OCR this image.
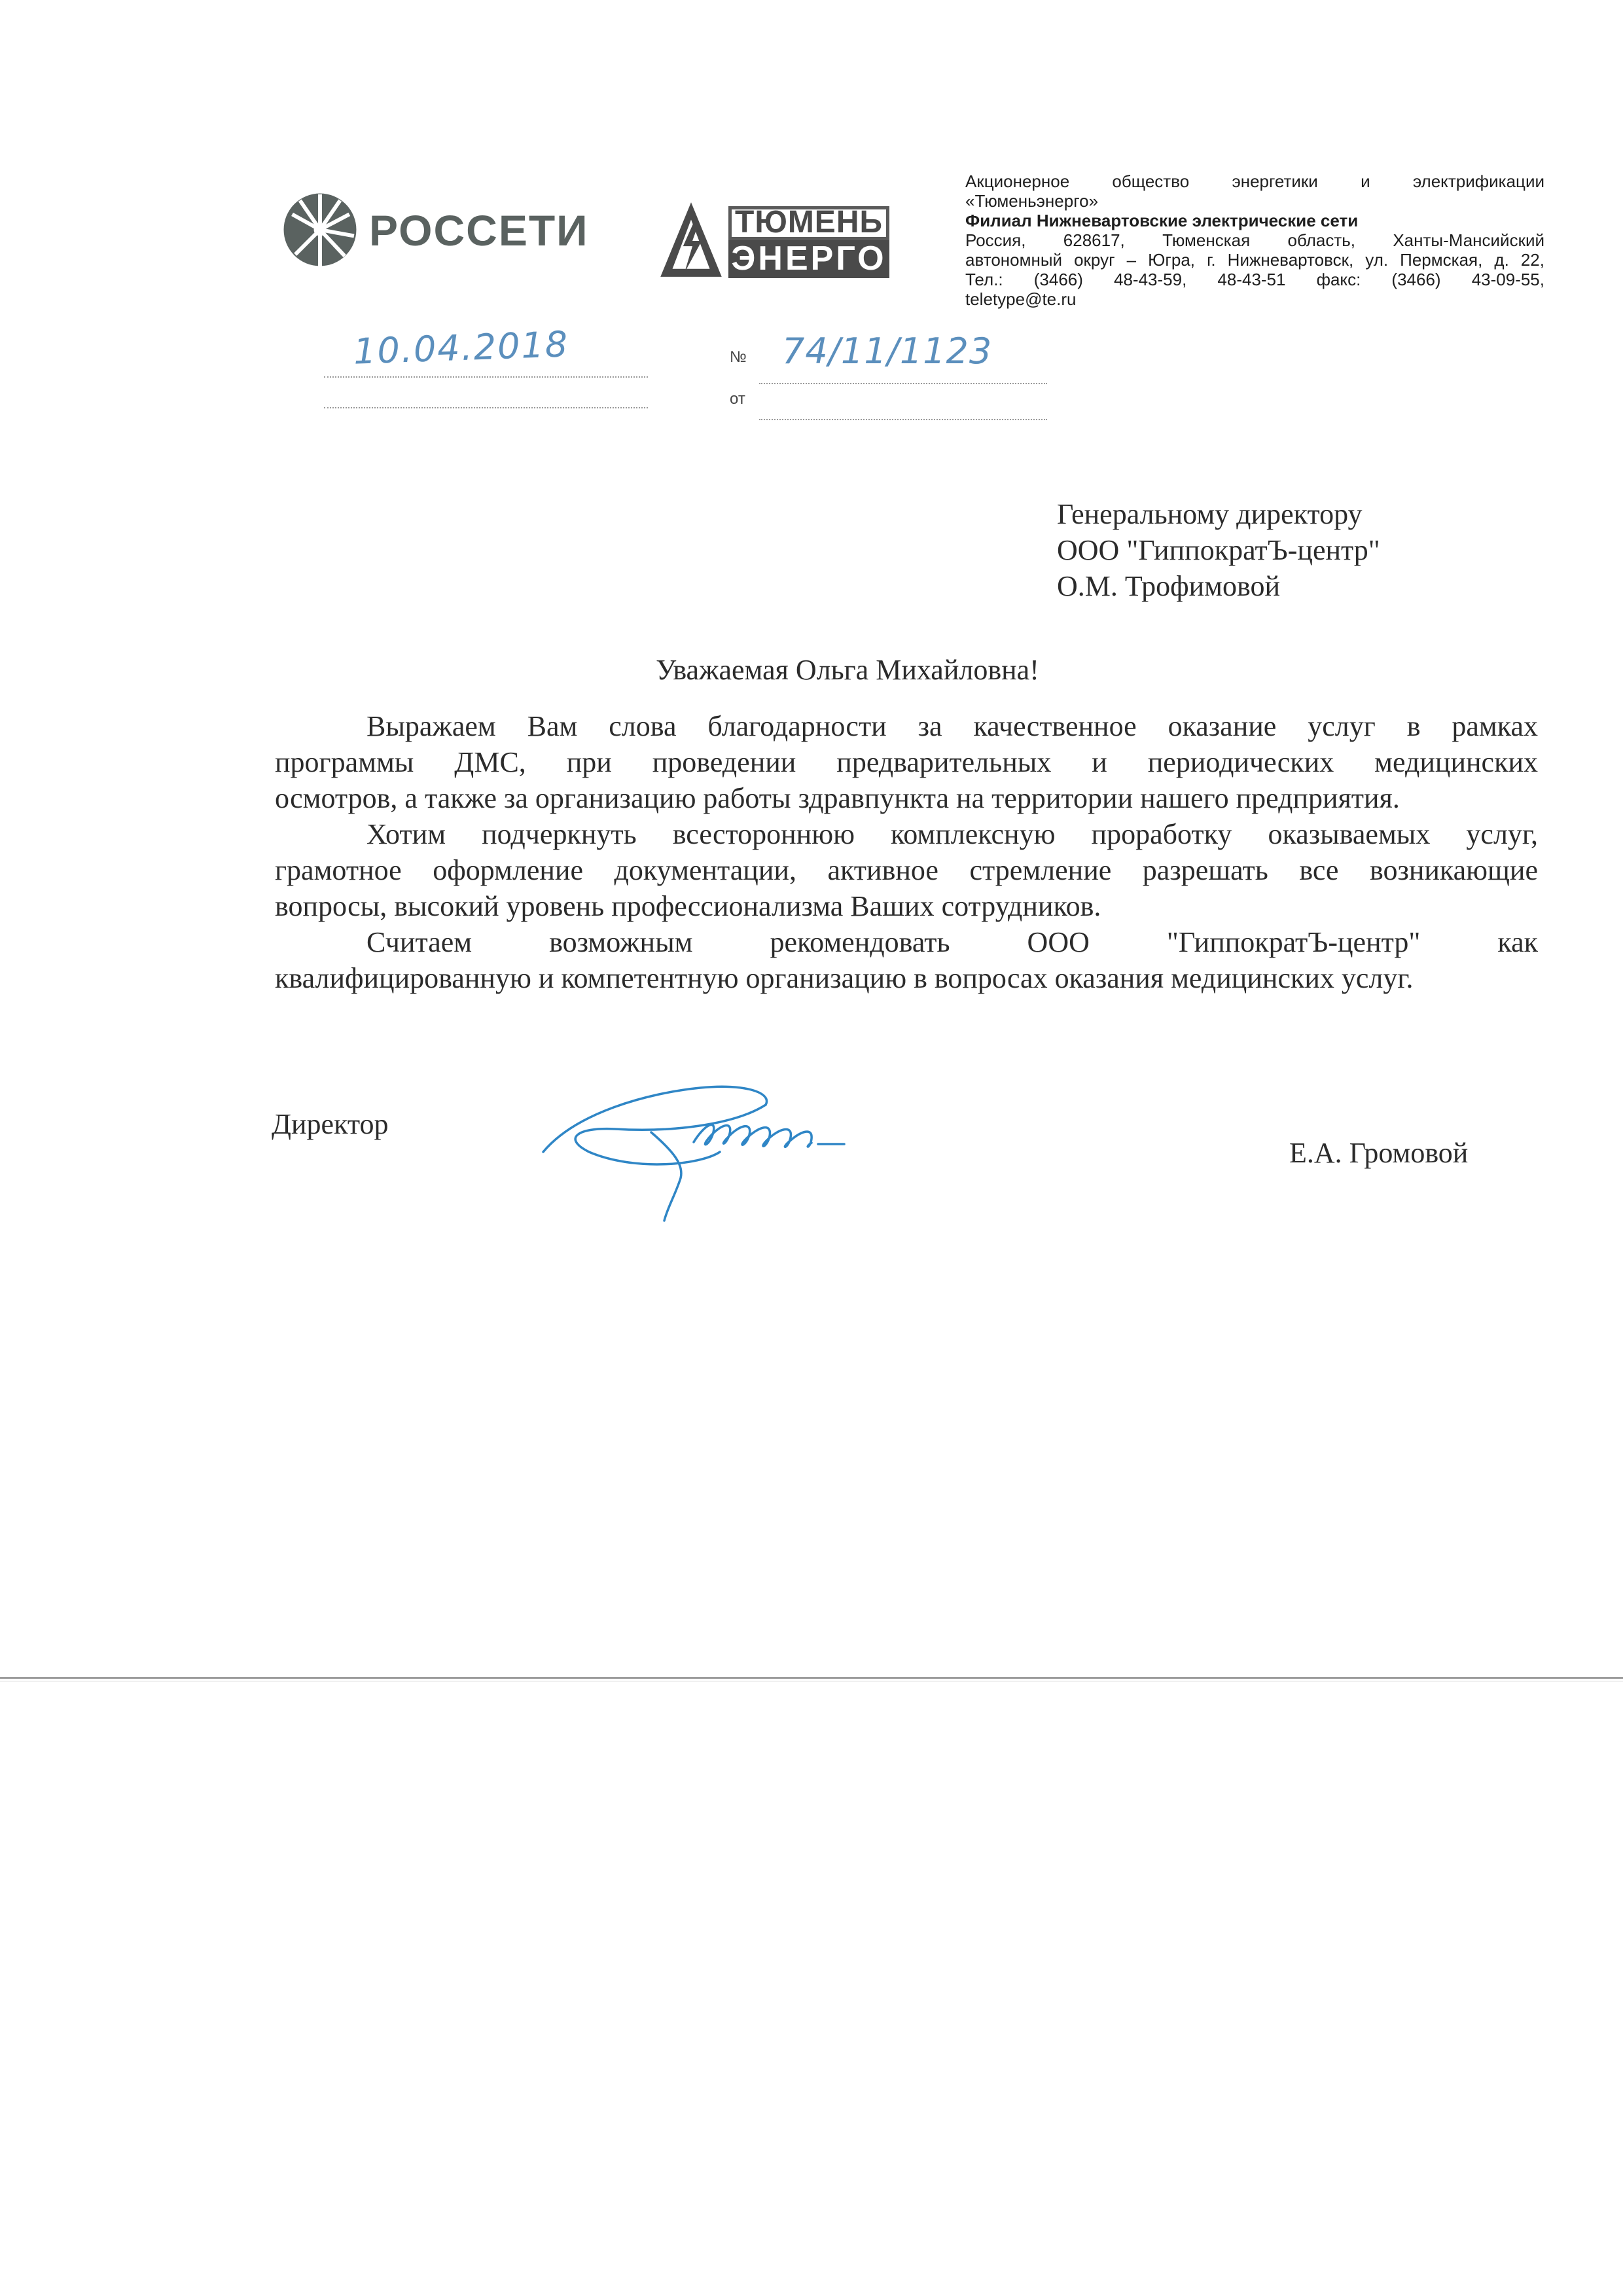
РОССЕТИ	ТЮМЕНЬ
ЭНЕРГО
Акционерное общество энергетики и электрификации
«Тюменьэнерго»
Филиал Нижневартовские электрические сети
Россия, 628617, Тюменская область, Ханты-Мансийский
автономный округ – Югра, г. Нижневартовск, ул. Пермская, д. 22,
Тел.: (3466) 48-43-59, 48-43-51 факс: (3466) 43-09-55,
teletype@te.ru
10.04.2018	№ 74/11/1123
от
Генеральному директору
ООО "ГиппократЪ-центр"
О.М. Трофимовой
Уважаемая Ольга Михайловна!
Выражаем Вам слова благодарности за качественное оказание услуг в рамках
программы ДМС, при проведении предварительных и периодических медицинских
осмотров, а также за организацию работы здравпункта на территории нашего предприятия.
Хотим подчеркнуть всестороннюю комплексную проработку оказываемых услуг,
грамотное оформление документации, активное стремление разрешать все возникающие
вопросы, высокий уровень профессионализма Ваших сотрудников.
Считаем возможным рекомендовать ООО "ГиппократЪ-центр" как
квалифицированную и компетентную организацию в вопросах оказания медицинских услуг.
Директор
Е.А. Громовой
